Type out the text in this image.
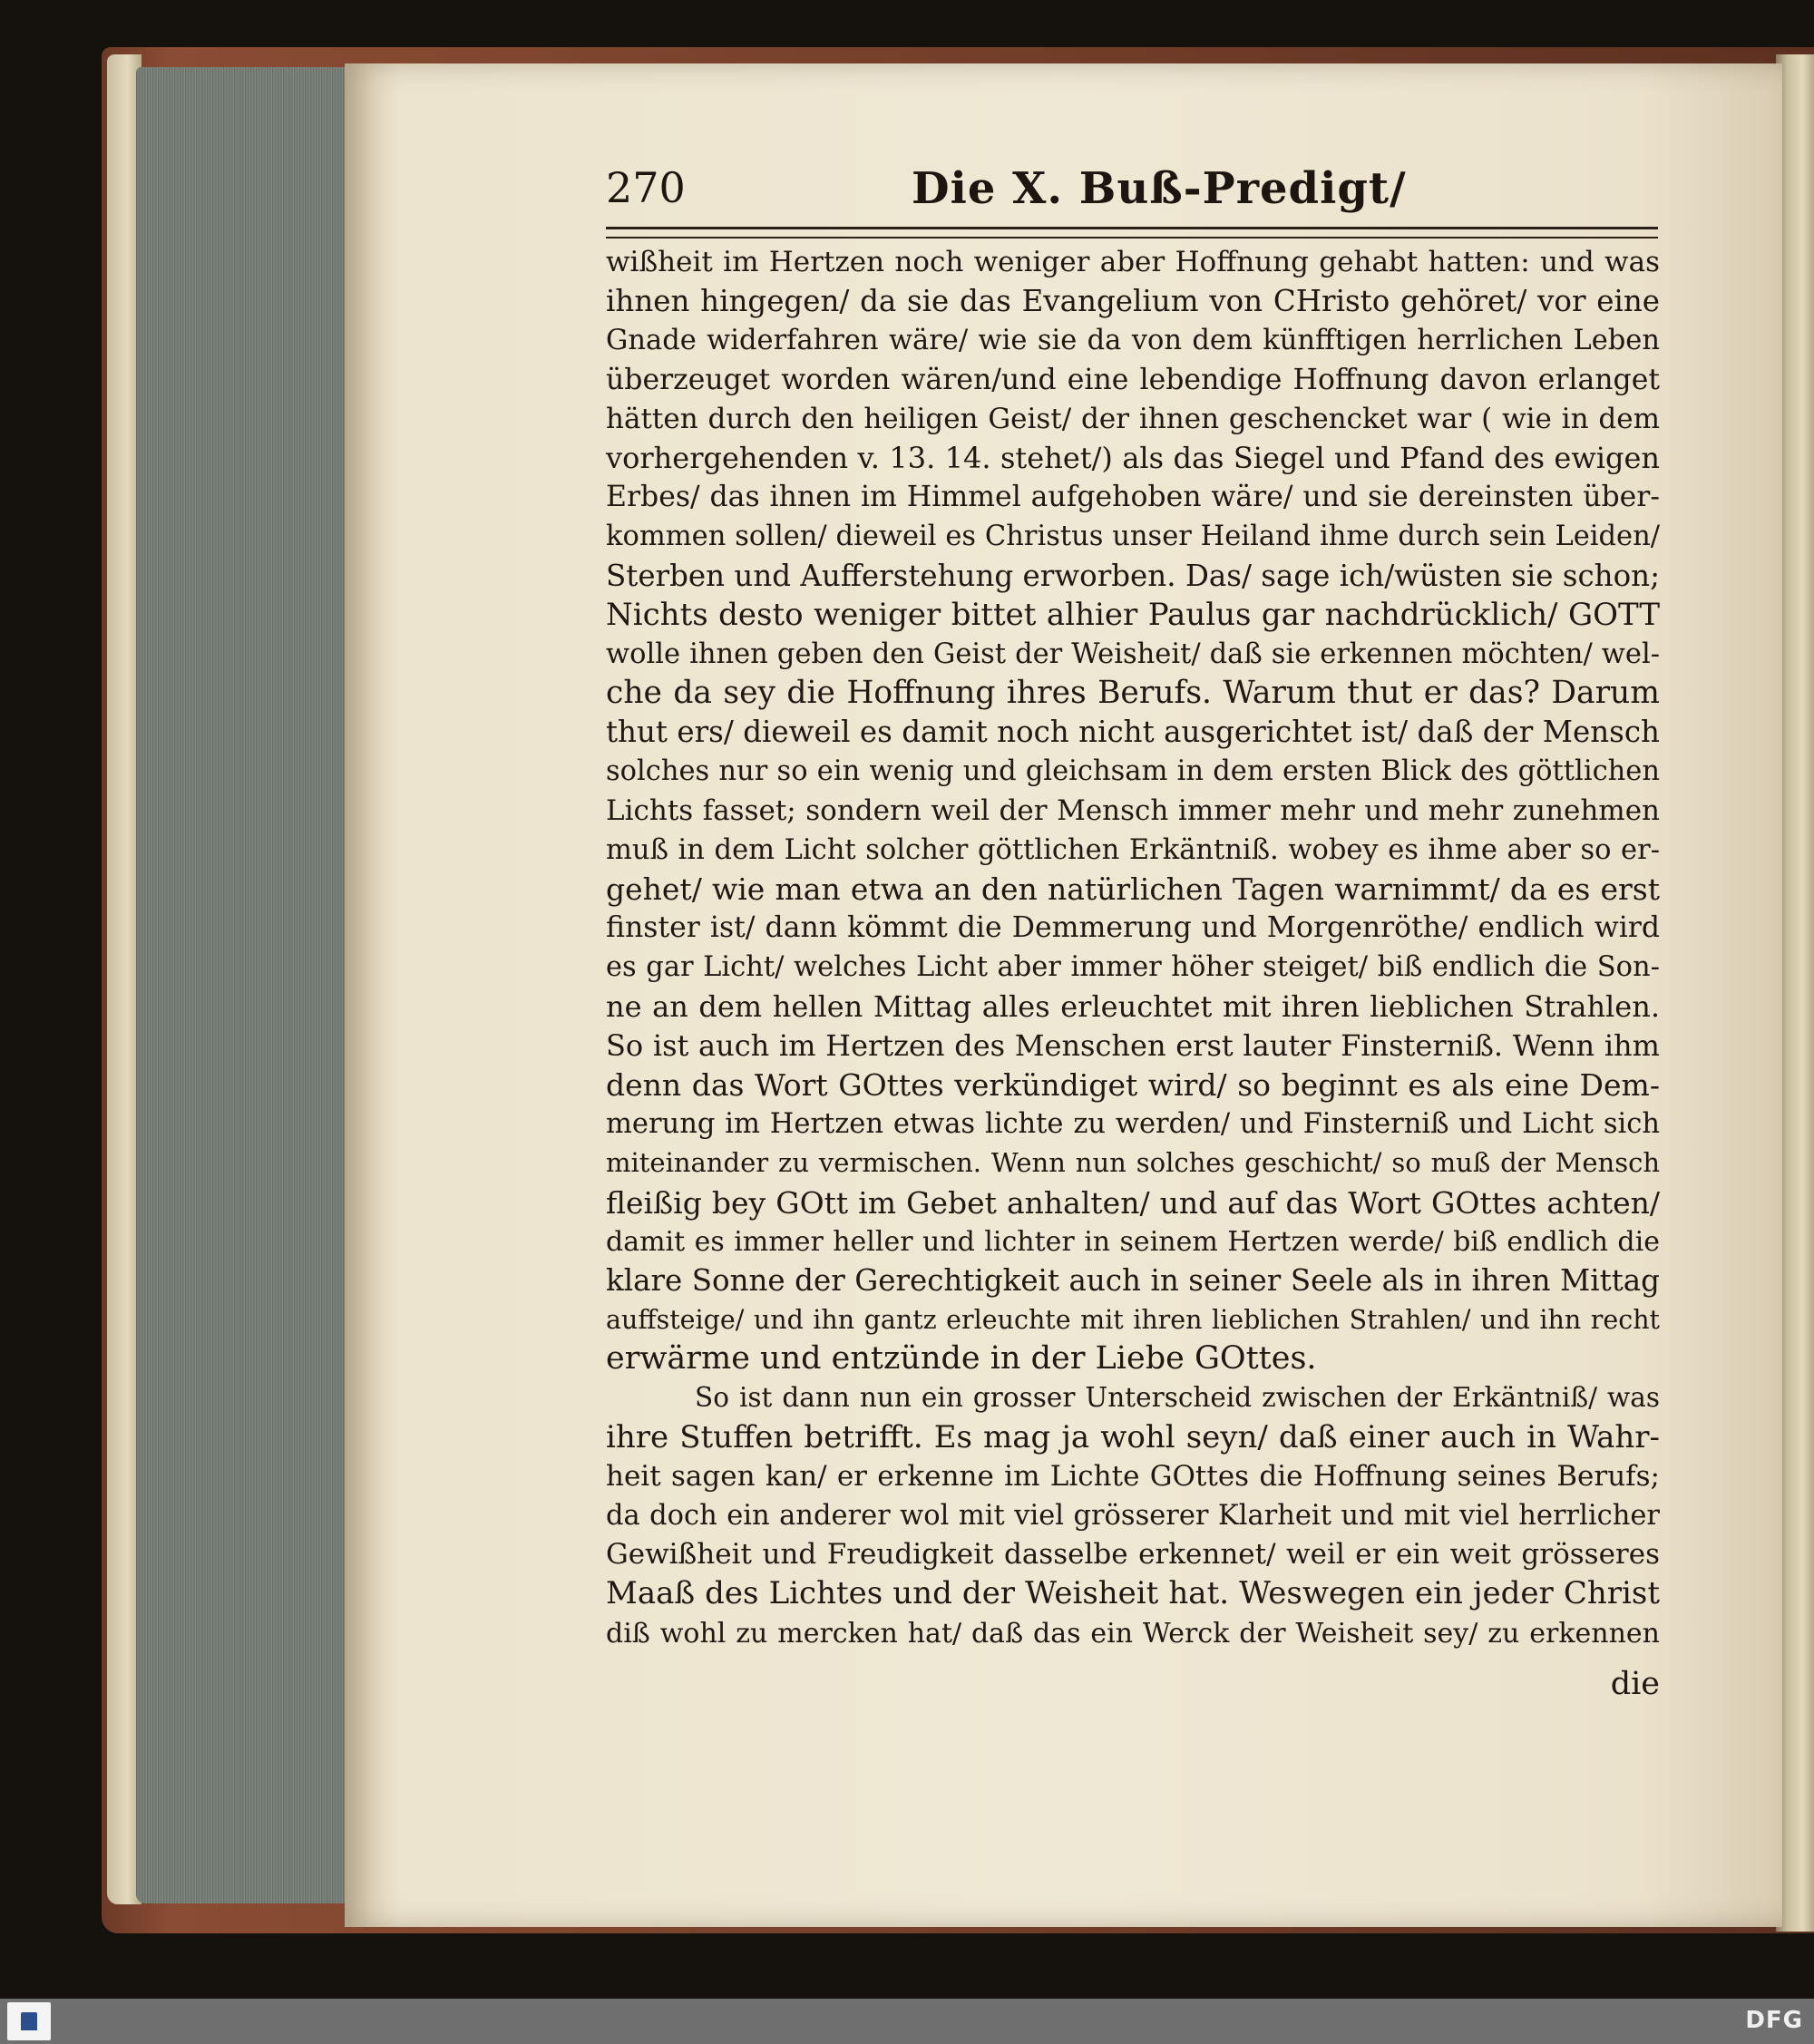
270	Die X. Buß-Predigt/
wißheit im Hertzen noch weniger aber Hoffnung gehabt hatten: und was
ihnen hingegen/ da sie das Evangelium von CHristo gehöret/ vor eine
Gnade widerfahren wäre/ wie sie da von dem künfftigen herrlichen Leben
überzeuget worden wären/und eine lebendige Hoffnung davon erlanget
hätten durch den heiligen Geist/ der ihnen geschencket war ( wie in dem
vorhergehenden v. 13. 14. stehet/) als das Siegel und Pfand des ewigen
Erbes/ das ihnen im Himmel aufgehoben wäre/ und sie dereinsten über-
kommen sollen/ dieweil es Christus unser Heiland ihme durch sein Leiden/
Sterben und Aufferstehung erworben. Das/ sage ich/wüsten sie schon;
Nichts desto weniger bittet alhier Paulus gar nachdrücklich/ GOTT
wolle ihnen geben den Geist der Weisheit/ daß sie erkennen möchten/ wel-
che da sey die Hoffnung ihres Berufs. Warum thut er das? Darum
thut ers/ dieweil es damit noch nicht ausgerichtet ist/ daß der Mensch
solches nur so ein wenig und gleichsam in dem ersten Blick des göttlichen
Lichts fasset; sondern weil der Mensch immer mehr und mehr zunehmen
muß in dem Licht solcher göttlichen Erkäntniß. wobey es ihme aber so er-
gehet/ wie man etwa an den natürlichen Tagen warnimmt/ da es erst
finster ist/ dann kömmt die Demmerung und Morgenröthe/ endlich wird
es gar Licht/ welches Licht aber immer höher steiget/ biß endlich die Son-
ne an dem hellen Mittag alles erleuchtet mit ihren lieblichen Strahlen.
So ist auch im Hertzen des Menschen erst lauter Finsterniß. Wenn ihm
denn das Wort GOttes verkündiget wird/ so beginnt es als eine Dem-
merung im Hertzen etwas lichte zu werden/ und Finsterniß und Licht sich
miteinander zu vermischen. Wenn nun solches geschicht/ so muß der Mensch
fleißig bey GOtt im Gebet anhalten/ und auf das Wort GOttes achten/
damit es immer heller und lichter in seinem Hertzen werde/ biß endlich die
klare Sonne der Gerechtigkeit auch in seiner Seele als in ihren Mittag
auffsteige/ und ihn gantz erleuchte mit ihren lieblichen Strahlen/ und ihn recht
erwärme und entzünde in der Liebe GOttes.
So ist dann nun ein grosser Unterscheid zwischen der Erkäntniß/ was
ihre Stuffen betrifft. Es mag ja wohl seyn/ daß einer auch in Wahr-
heit sagen kan/ er erkenne im Lichte GOttes die Hoffnung seines Berufs;
da doch ein anderer wol mit viel grösserer Klarheit und mit viel herrlicher
Gewißheit und Freudigkeit dasselbe erkennet/ weil er ein weit grösseres
Maaß des Lichtes und der Weisheit hat. Weswegen ein jeder Christ
diß wohl zu mercken hat/ daß das ein Werck der Weisheit sey/ zu erkennen
die
DFG
